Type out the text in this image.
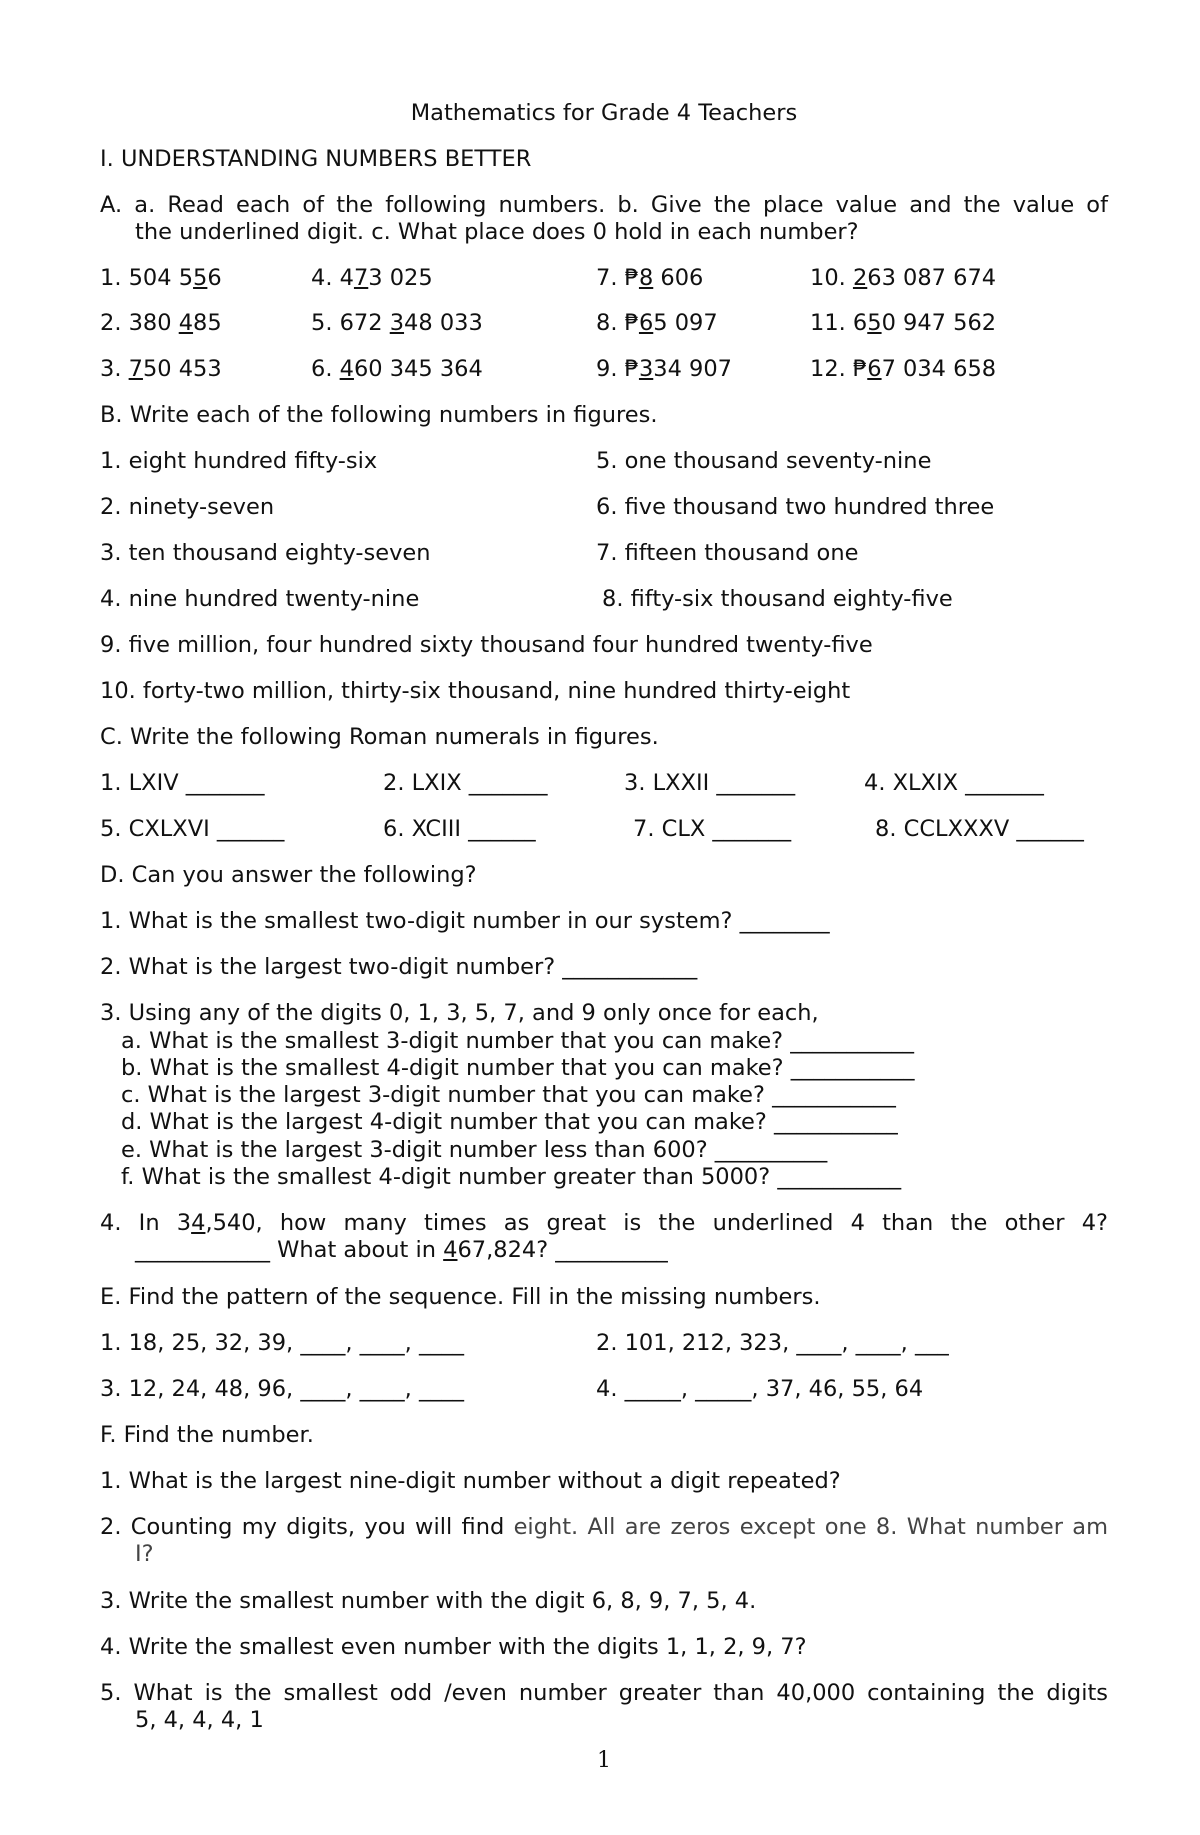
Mathematics for Grade 4 Teachers
I. UNDERSTANDING NUMBERS BETTER
A. a. Read each of the following numbers. b. Give the place value and the value of
the underlined digit. c. What place does 0 hold in each number?
1. 504 556	4. 473 025	7. ₱8 606	10. 263 087 674
2. 380 485	5. 672 348 033	8. ₱65 097	11. 650 947 562
3. 750 453	6. 460 345 364	9. ₱334 907	12. ₱67 034 658
B. Write each of the following numbers in figures.
1. eight hundred fifty-six	5. one thousand seventy-nine
2. ninety-seven	6. five thousand two hundred three
3. ten thousand eighty-seven	7. fifteen thousand one
4. nine hundred twenty-nine	8. fifty-six thousand eighty-five
9. five million, four hundred sixty thousand four hundred twenty-five
10. forty-two million, thirty-six thousand, nine hundred thirty-eight
C. Write the following Roman numerals in figures.
1. LXIV _______	2. LXIX _______	3. LXXII _______	4. XLXIX _______
5. CXLXVI ______	6. XCIII ______	7. CLX _______	8. CCLXXXV ______
D. Can you answer the following?
1. What is the smallest two-digit number in our system? ________
2. What is the largest two-digit number? ____________
3. Using any of the digits 0, 1, 3, 5, 7, and 9 only once for each,
a. What is the smallest 3-digit number that you can make? ___________
b. What is the smallest 4-digit number that you can make? ___________
c. What is the largest 3-digit number that you can make? ___________
d. What is the largest 4-digit number that you can make? ___________
e. What is the largest 3-digit number less than 600? __________
f. What is the smallest 4-digit number greater than 5000? ___________
4. In 34,540, how many times as great is the underlined 4 than the other 4?
____________ What about in 467,824? __________
E. Find the pattern of the sequence. Fill in the missing numbers.
1. 18, 25, 32, 39, ____, ____, ____	2. 101, 212, 323, ____, ____, ___
3. 12, 24, 48, 96, ____, ____, ____	4. _____, _____, 37, 46, 55, 64
F. Find the number.
1. What is the largest nine-digit number without a digit repeated?
2. Counting my digits, you will find eight. All are zeros except one 8. What number am
I?
3. Write the smallest number with the digit 6, 8, 9, 7, 5, 4.
4. Write the smallest even number with the digits 1, 1, 2, 9, 7?
5. What is the smallest odd /even number greater than 40,000 containing the digits
5, 4, 4, 4, 1
1
